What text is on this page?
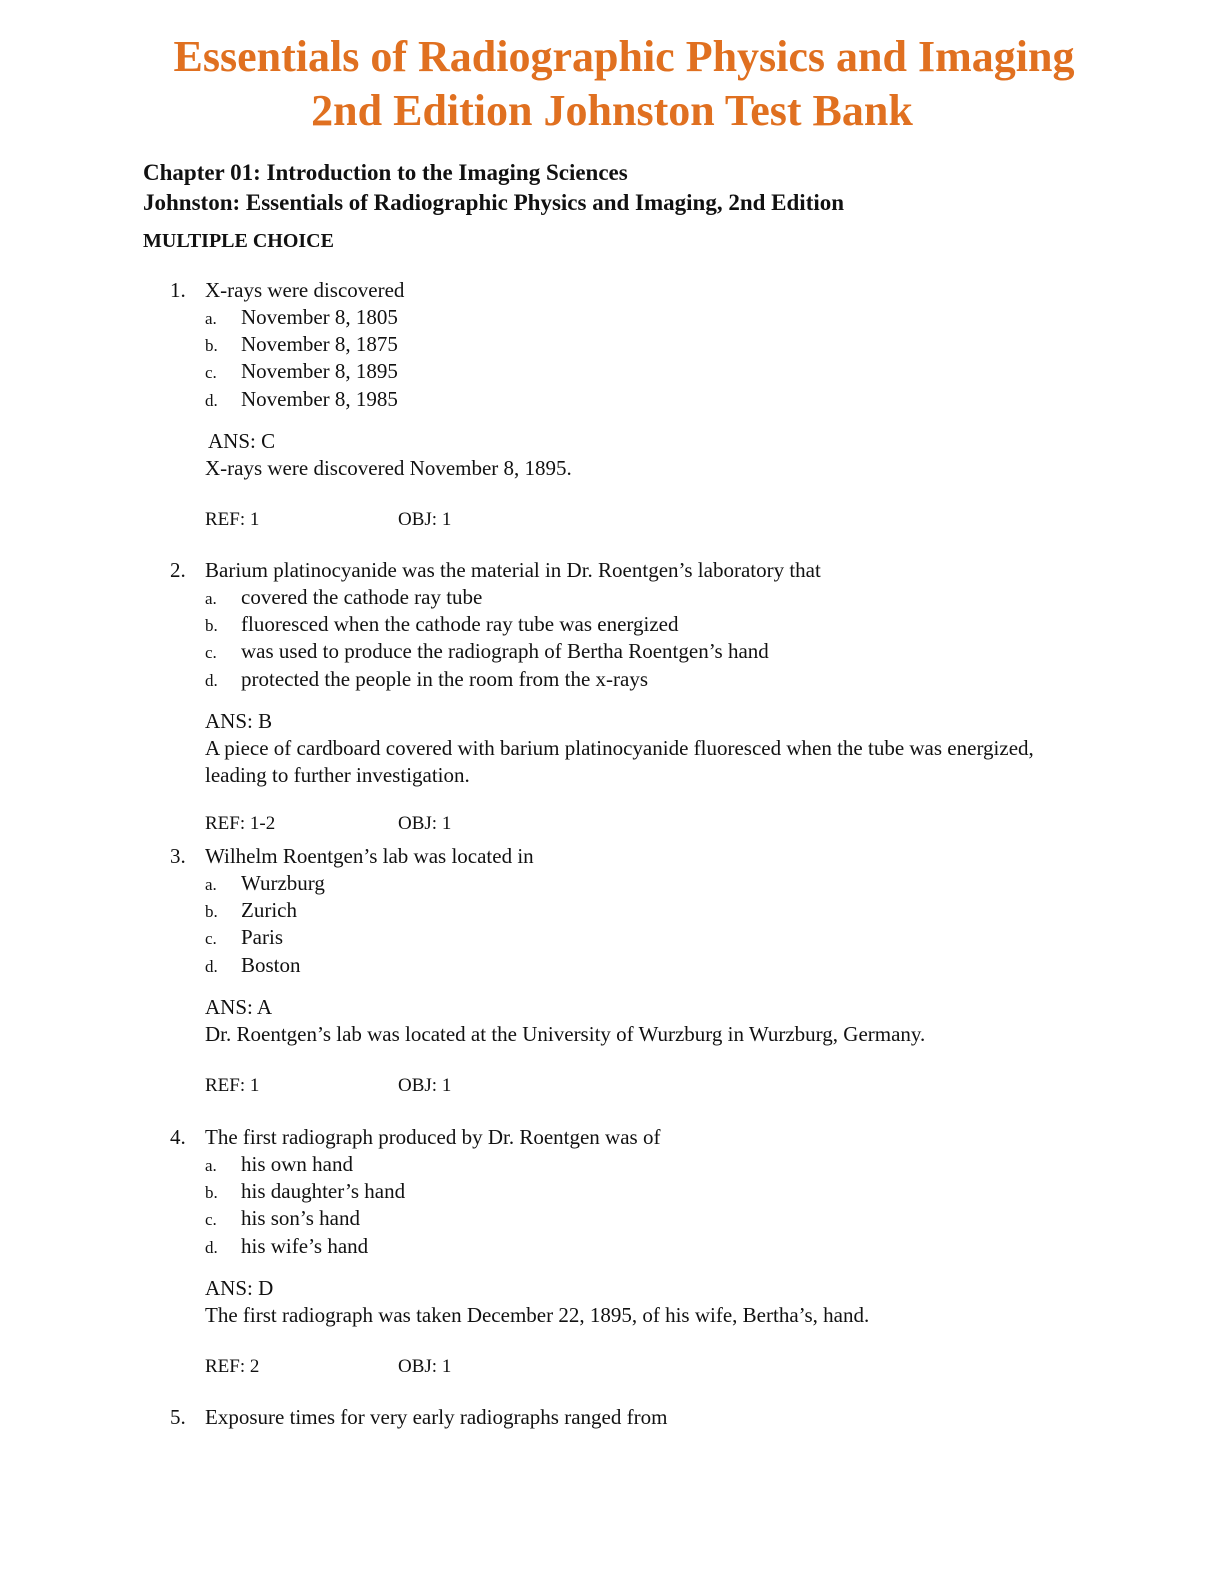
Essentials of Radiographic Physics and Imaging
2nd Edition Johnston Test Bank
Chapter 01: Introduction to the Imaging Sciences
Johnston: Essentials of Radiographic Physics and Imaging, 2nd Edition
MULTIPLE CHOICE
1. X-rays were discovered
a. November 8, 1805
b. November 8, 1875
c. November 8, 1895
d. November 8, 1985
ANS: C
X-rays were discovered November 8, 1895.
REF: 1	OBJ: 1
2. Barium platinocyanide was the material in Dr. Roentgen’s laboratory that
a. covered the cathode ray tube
b. fluoresced when the cathode ray tube was energized
c. was used to produce the radiograph of Bertha Roentgen’s hand
d. protected the people in the room from the x-rays
ANS: B
A piece of cardboard covered with barium platinocyanide fluoresced when the tube was energized, leading to further investigation.
REF: 1-2	OBJ: 1
3. Wilhelm Roentgen’s lab was located in
a. Wurzburg
b. Zurich
c. Paris
d. Boston
ANS: A
Dr. Roentgen’s lab was located at the University of Wurzburg in Wurzburg, Germany.
REF: 1	OBJ: 1
4. The first radiograph produced by Dr. Roentgen was of
a. his own hand
b. his daughter’s hand
c. his son’s hand
d. his wife’s hand
ANS: D
The first radiograph was taken December 22, 1895, of his wife, Bertha’s, hand.
REF: 2	OBJ: 1
5. Exposure times for very early radiographs ranged from
